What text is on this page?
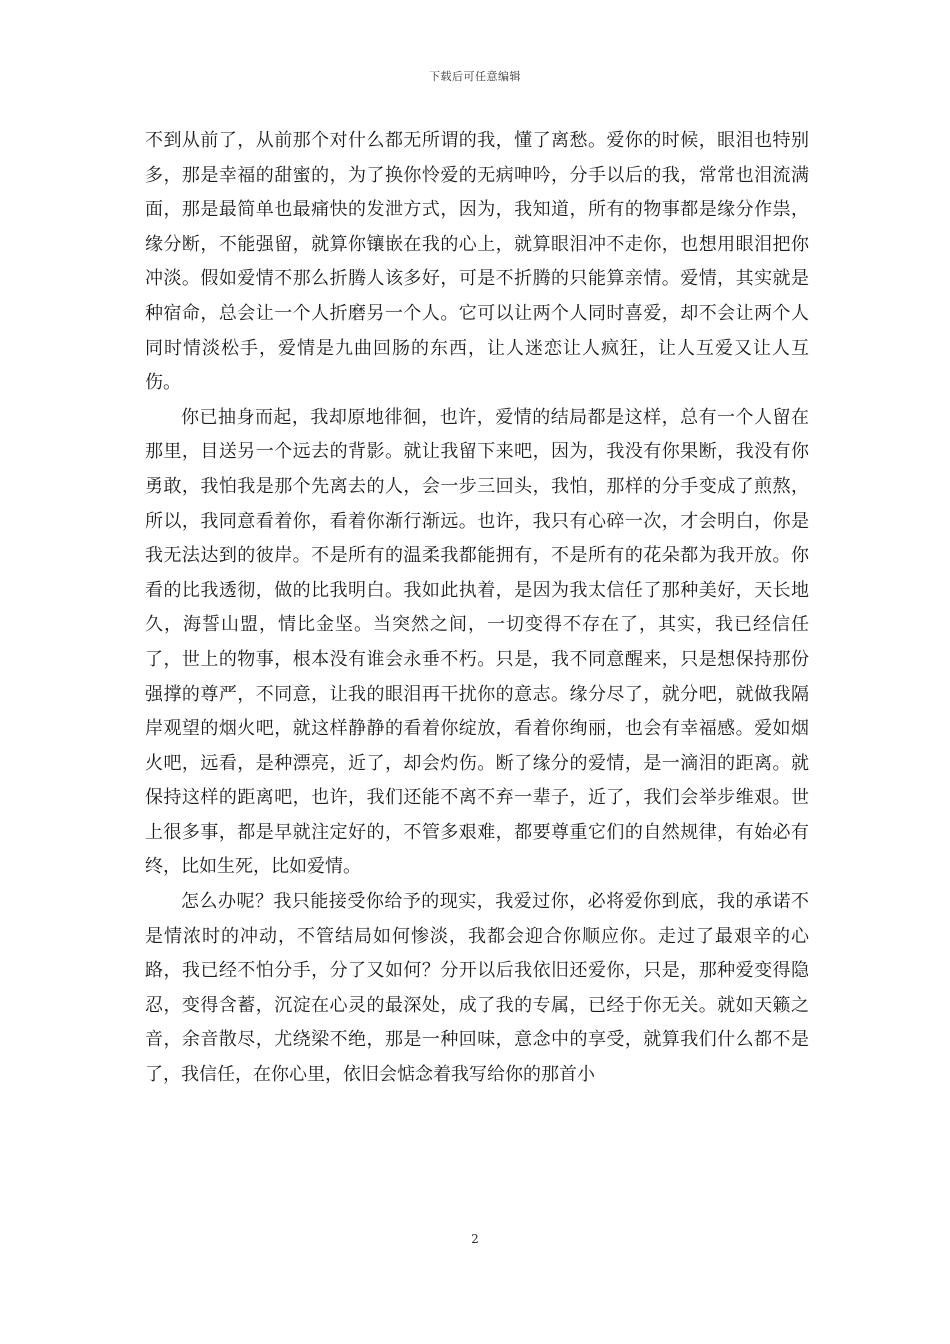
下载后可任意编辑

不到从前了，从前那个对什么都无所谓的我，懂了离愁。爱你的时候，眼泪也特别多，那是幸福的甜蜜的，为了换你怜爱的无病呻吟，分手以后的我，常常也泪流满面，那是最简单也最痛快的发泄方式，因为，我知道，所有的物事都是缘分作祟，缘分断，不能强留，就算你镶嵌在我的心上，就算眼泪冲不走你，也想用眼泪把你冲淡。假如爱情不那么折腾人该多好，可是不折腾的只能算亲情。爱情，其实就是种宿命，总会让一个人折磨另一个人。它可以让两个人同时喜爱，却不会让两个人同时情淡松手，爱情是九曲回肠的东西，让人迷恋让人疯狂，让人互爱又让人互伤。

你已抽身而起，我却原地徘徊，也许，爱情的结局都是这样，总有一个人留在那里，目送另一个远去的背影。就让我留下来吧，因为，我没有你果断，我没有你勇敢，我怕我是那个先离去的人，会一步三回头，我怕，那样的分手变成了煎熬，所以，我同意看着你，看着你渐行渐远。也许，我只有心碎一次，才会明白，你是我无法达到的彼岸。不是所有的温柔我都能拥有，不是所有的花朵都为我开放。你看的比我透彻，做的比我明白。我如此执着，是因为我太信任了那种美好，天长地久，海誓山盟，情比金坚。当突然之间，一切变得不存在了，其实，我已经信任了，世上的物事，根本没有谁会永垂不朽。只是，我不同意醒来，只是想保持那份强撑的尊严，不同意，让我的眼泪再干扰你的意志。缘分尽了，就分吧，就做我隔岸观望的烟火吧，就这样静静的看着你绽放，看着你绚丽，也会有幸福感。爱如烟火吧，远看，是种漂亮，近了，却会灼伤。断了缘分的爱情，是一滴泪的距离。就保持这样的距离吧，也许，我们还能不离不弃一辈子，近了，我们会举步维艰。世上很多事，都是早就注定好的，不管多艰难，都要尊重它们的自然规律，有始必有终，比如生死，比如爱情。

怎么办呢？我只能接受你给予的现实，我爱过你，必将爱你到底，我的承诺不是情浓时的冲动，不管结局如何惨淡，我都会迎合你顺应你。走过了最艰辛的心路，我已经不怕分手，分了又如何？分开以后我依旧还爱你，只是，那种爱变得隐忍，变得含蓄，沉淀在心灵的最深处，成了我的专属，已经于你无关。就如天籁之音，余音散尽，尤绕梁不绝，那是一种回味，意念中的享受，就算我们什么都不是了，我信任，在你心里，依旧会惦念着我写给你的那首小

2
